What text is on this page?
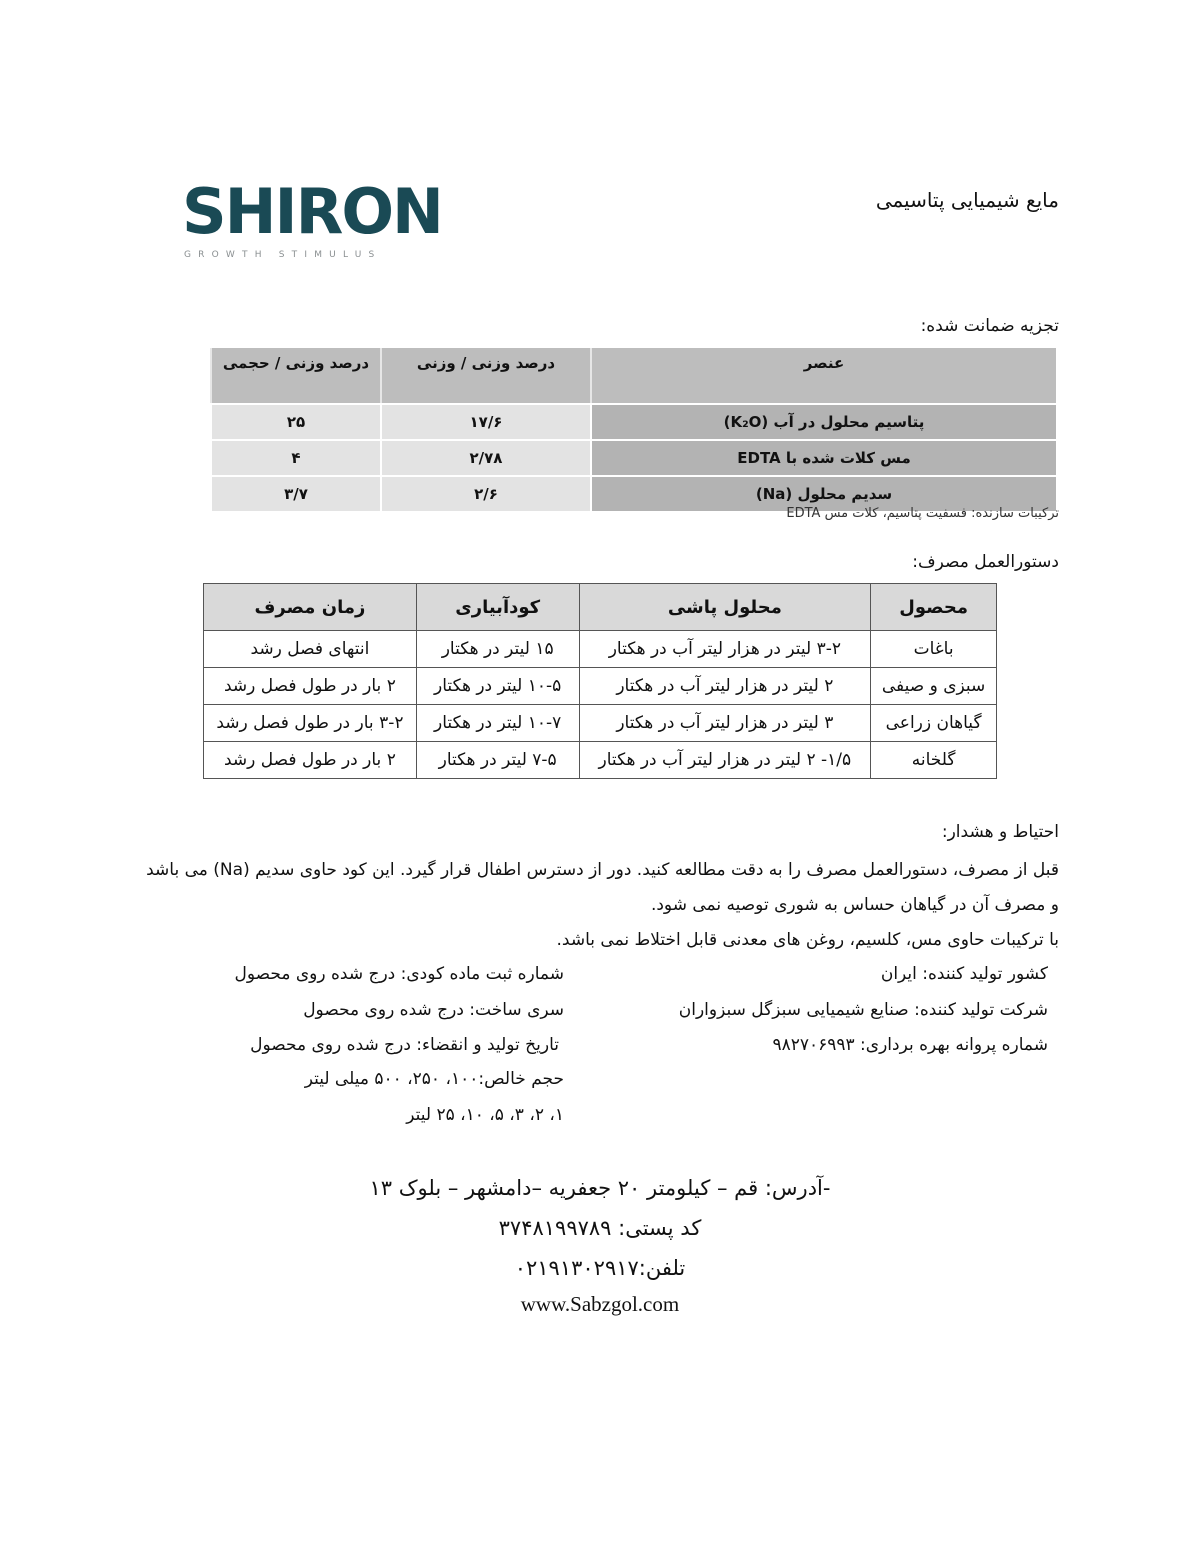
مایع شیمیایی پتاسیمی
SHIRON
GROWTH STIMULUS
تجزیه ضمانت شده:
عنصر	درصد وزنی / وزنی	درصد وزنی / حجمی
پتاسیم محلول در آب (K₂O)	۱۷/۶	۲۵
مس کلات شده با EDTA	۲/۷۸	۴
سدیم محلول (Na)	۲/۶	۳/۷
ترکیبات سازنده: فسفیت پتاسیم، کلات مس EDTA
دستورالعمل مصرف:
محصول	محلول پاشی	کودآبیاری	زمان مصرف
باغات	۳-۲ لیتر در هزار لیتر آب در هکتار	۱۵ لیتر در هکتار	انتهای فصل رشد
سبزی و صیفی	۲ لیتر در هزار لیتر آب در هکتار	۱۰-۵ لیتر در هکتار	۲ بار در طول فصل رشد
گیاهان زراعی	۳ لیتر در هزار لیتر آب در هکتار	۱۰-۷ لیتر در هکتار	۳-۲ بار در طول فصل رشد
گلخانه	۱/۵- ۲ لیتر در هزار لیتر آب در هکتار	۷-۵ لیتر در هکتار	۲ بار در طول فصل رشد
احتیاط و هشدار:
قبل از مصرف، دستورالعمل مصرف را به دقت مطالعه کنید. دور از دسترس اطفال قرار گیرد. این کود حاوی سدیم (Na) می باشد
و مصرف آن در گیاهان حساس به شوری توصیه نمی شود.
با ترکیبات حاوی مس، کلسیم، روغن های معدنی قابل اختلاط نمی باشد.
کشور تولید کننده: ایران
شرکت تولید کننده: صنایع شیمیایی سبزگل سبزواران
شماره پروانه بهره برداری: ۹۸۲۷۰۶۹۹۳
شماره ثبت ماده کودی: درج شده روی محصول
سری ساخت: درج شده روی محصول
تاریخ تولید و انقضاء: درج شده روی محصول
حجم خالص:۱۰۰، ۲۵۰، ۵۰۰ میلی لیتر
۱، ۲، ۳، ۵، ۱۰، ۲۵ لیتر
-آدرس: قم – کیلومتر ۲۰ جعفریه –دامشهر – بلوک ۱۳
کد پستی: ۳۷۴۸۱۹۹۷۸۹
تلفن:۰۲۱۹۱۳۰۲۹۱۷
www.Sabzgol.com
